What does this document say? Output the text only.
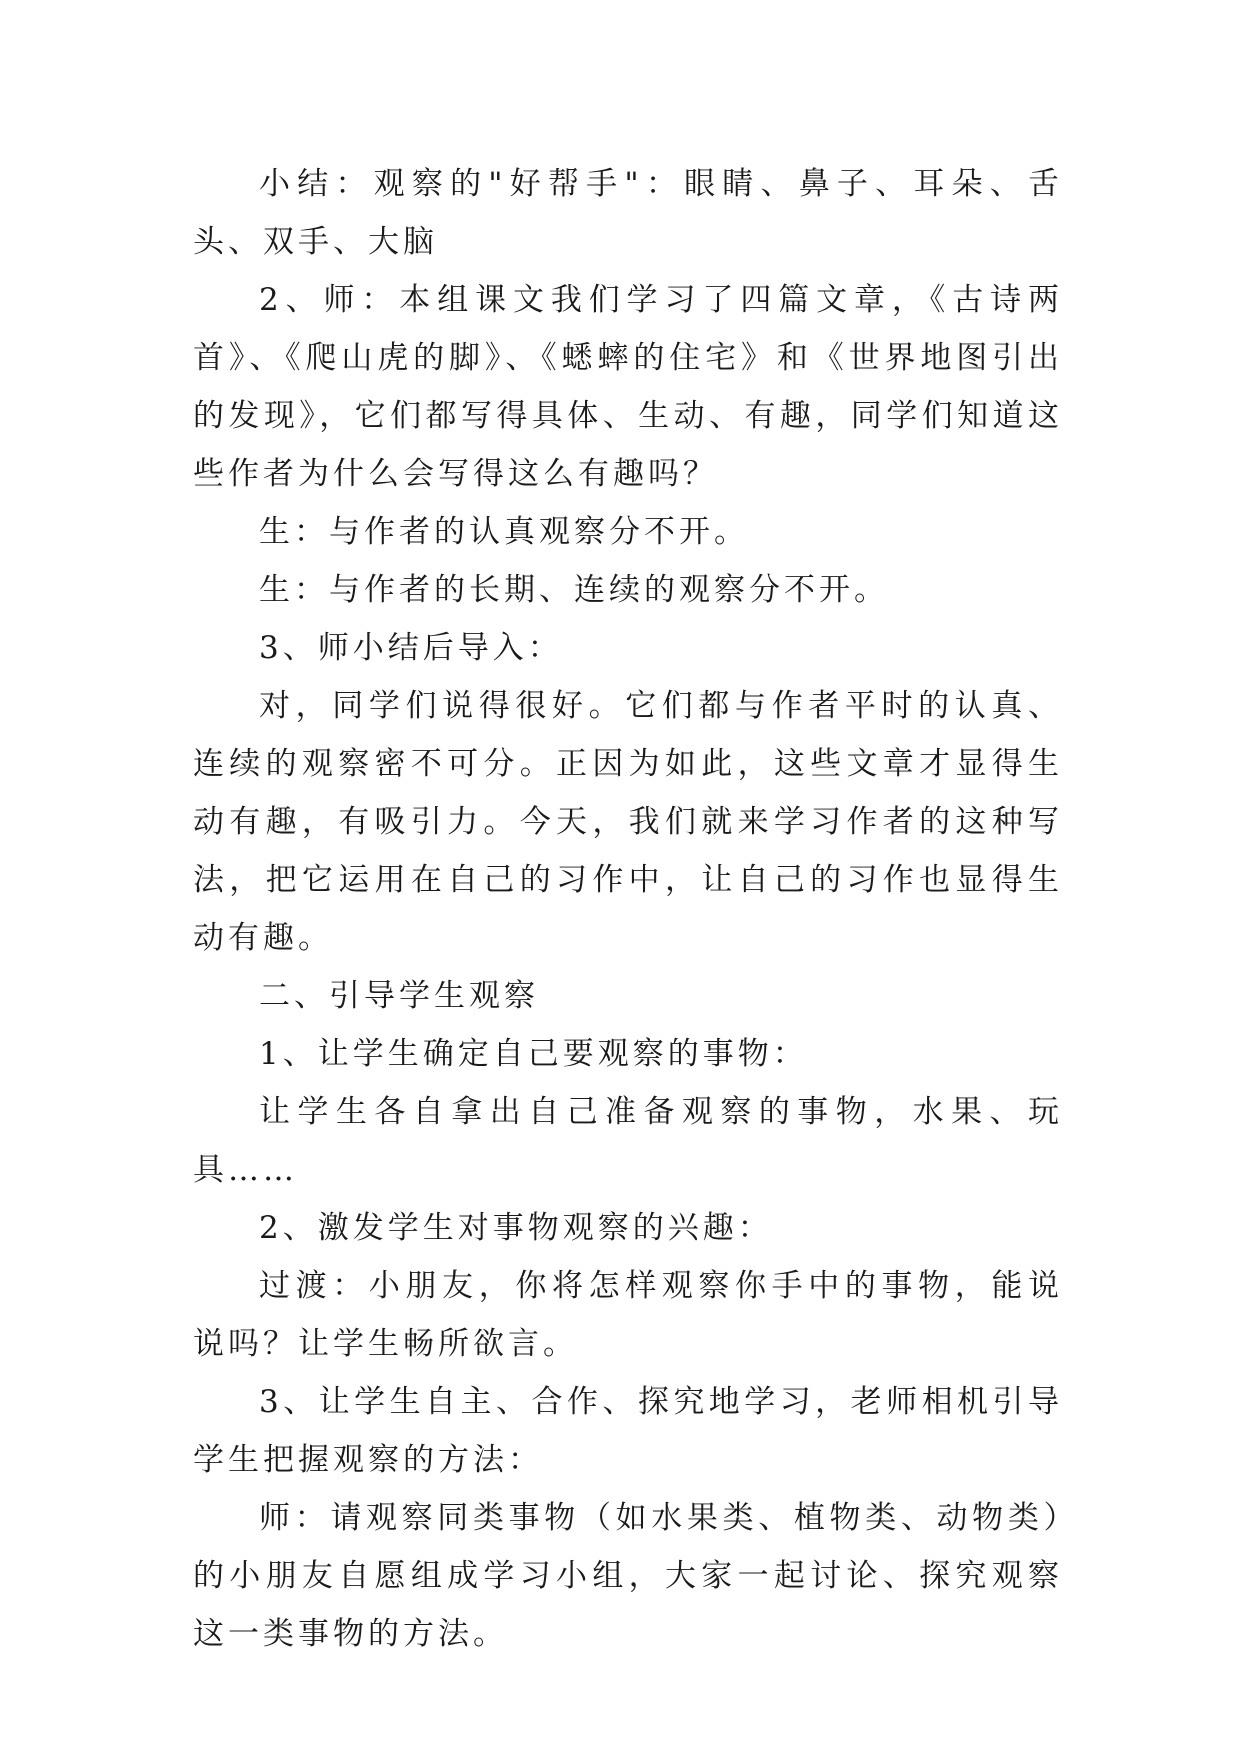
小结：观察的"好帮手"：眼睛、鼻子、耳朵、舌头、双手、大脑

2、师：本组课文我们学习了四篇文章，《古诗两首》、《爬山虎的脚》、《蟋蟀的住宅》和《世界地图引出的发现》，它们都写得具体、生动、有趣，同学们知道这些作者为什么会写得这么有趣吗？

生：与作者的认真观察分不开。

生：与作者的长期、连续的观察分不开。

3、师小结后导入：

对，同学们说得很好。它们都与作者平时的认真、连续的观察密不可分。正因为如此，这些文章才显得生动有趣，有吸引力。今天，我们就来学习作者的这种写法，把它运用在自己的习作中，让自己的习作也显得生动有趣。

二、引导学生观察

1、让学生确定自己要观察的事物：

让学生各自拿出自己准备观察的事物，水果、玩具……

2、激发学生对事物观察的兴趣：

过渡：小朋友，你将怎样观察你手中的事物，能说说吗？让学生畅所欲言。

3、让学生自主、合作、探究地学习，老师相机引导学生把握观察的方法：

师：请观察同类事物（如水果类、植物类、动物类）的小朋友自愿组成学习小组，大家一起讨论、探究观察这一类事物的方法。
